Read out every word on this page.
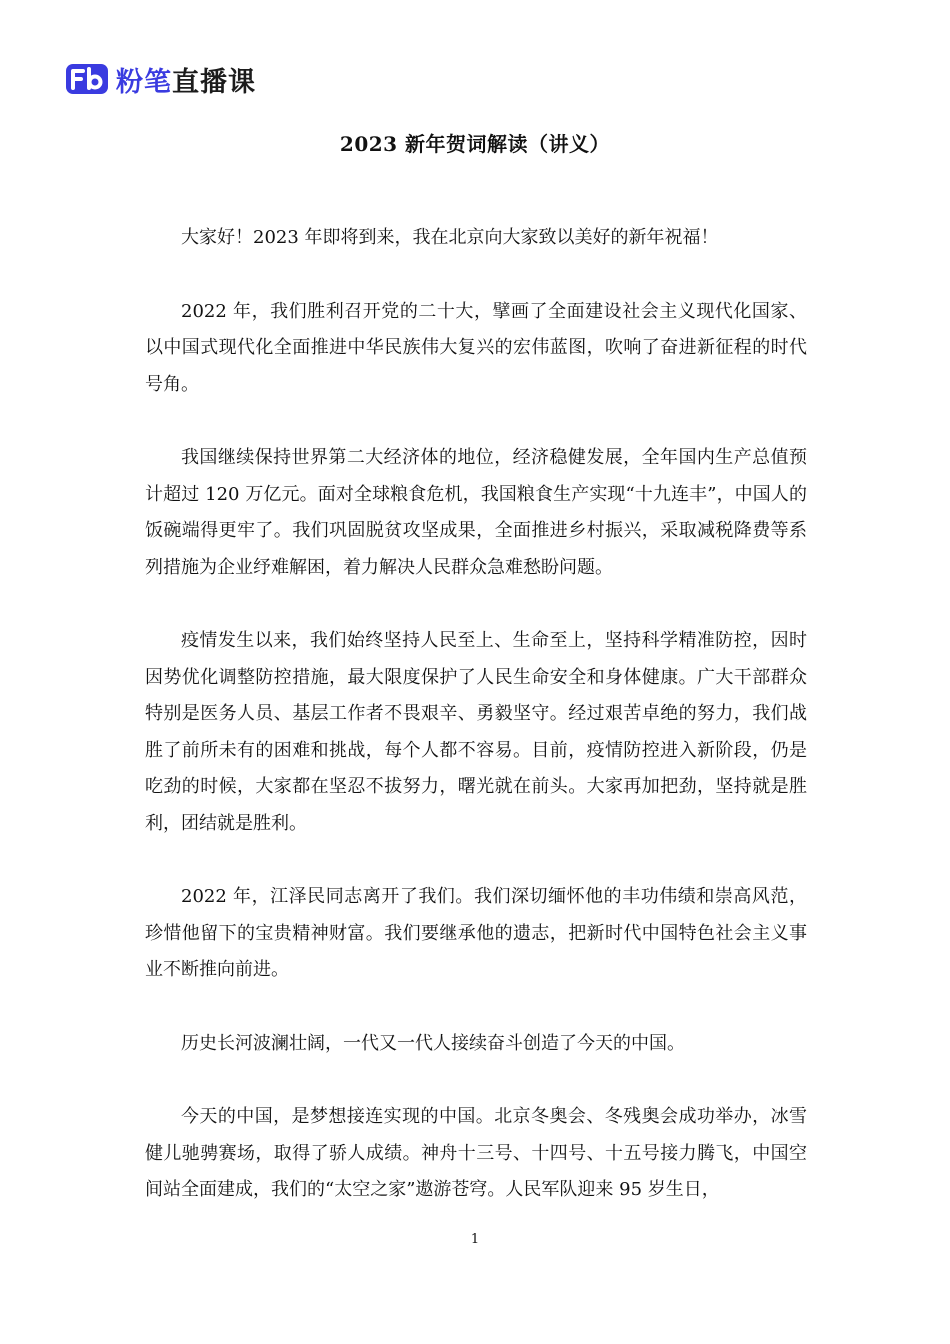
粉笔 直播课
2023 新年贺词解读（讲义）

大家好！2023 年即将到来，我在北京向大家致以美好的新年祝福！

2022 年，我们胜利召开党的二十大，擘画了全面建设社会主义现代化国家、以中国式现代化全面推进中华民族伟大复兴的宏伟蓝图，吹响了奋进新征程的时代号角。

我国继续保持世界第二大经济体的地位，经济稳健发展，全年国内生产总值预计超过 120 万亿元。面对全球粮食危机，我国粮食生产实现“十九连丰”，中国人的饭碗端得更牢了。我们巩固脱贫攻坚成果，全面推进乡村振兴，采取减税降费等系列措施为企业纾难解困，着力解决人民群众急难愁盼问题。

疫情发生以来，我们始终坚持人民至上、生命至上，坚持科学精准防控，因时因势优化调整防控措施，最大限度保护了人民生命安全和身体健康。广大干部群众特别是医务人员、基层工作者不畏艰辛、勇毅坚守。经过艰苦卓绝的努力，我们战胜了前所未有的困难和挑战，每个人都不容易。目前，疫情防控进入新阶段，仍是吃劲的时候，大家都在坚忍不拔努力，曙光就在前头。大家再加把劲，坚持就是胜利，团结就是胜利。

2022 年，江泽民同志离开了我们。我们深切缅怀他的丰功伟绩和崇高风范，珍惜他留下的宝贵精神财富。我们要继承他的遗志，把新时代中国特色社会主义事业不断推向前进。

历史长河波澜壮阔，一代又一代人接续奋斗创造了今天的中国。

今天的中国，是梦想接连实现的中国。北京冬奥会、冬残奥会成功举办，冰雪健儿驰骋赛场，取得了骄人成绩。神舟十三号、十四号、十五号接力腾飞，中国空间站全面建成，我们的“太空之家”遨游苍穹。人民军队迎来 95 岁生日，

1
